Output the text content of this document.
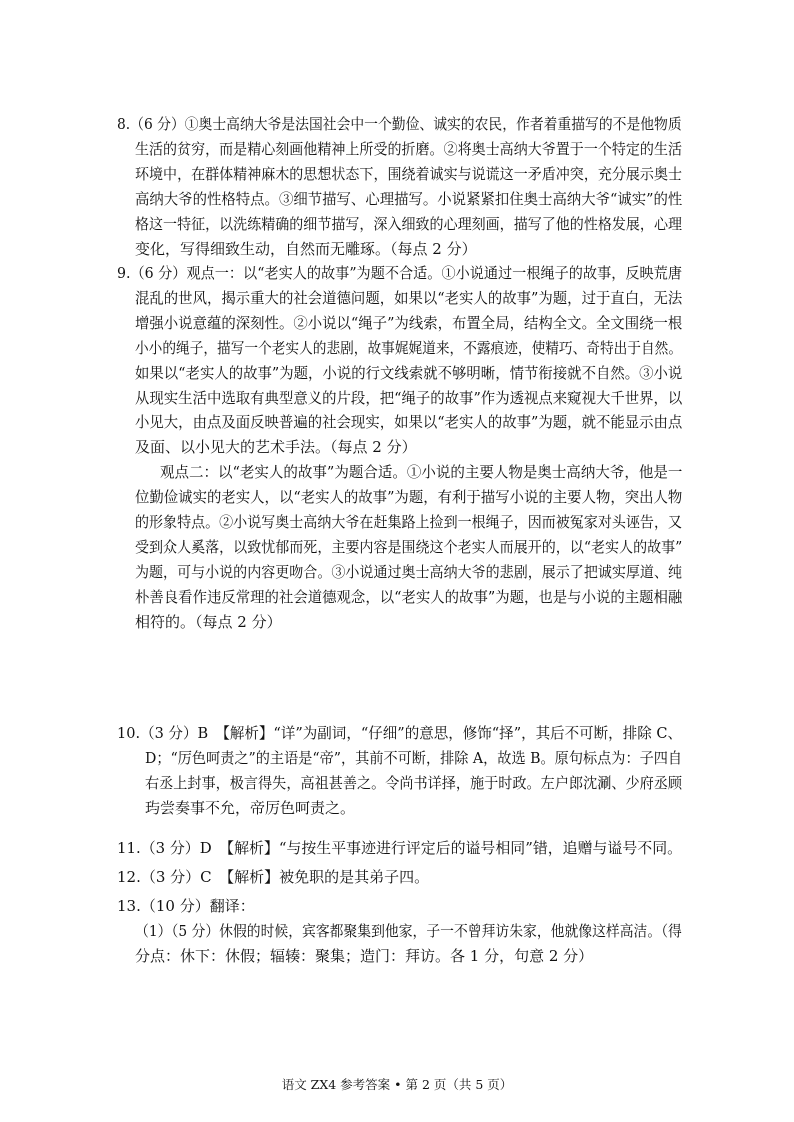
8.（6 分）①奥士高纳大爷是法国社会中一个勤俭、诚实的农民，作者着重描写的不是他物质
生活的贫穷，而是精心刻画他精神上所受的折磨。②将奥士高纳大爷置于一个特定的生活
环境中，在群体精神麻木的思想状态下，围绕着诚实与说谎这一矛盾冲突，充分展示奥士
高纳大爷的性格特点。③细节描写、心理描写。小说紧紧扣住奥士高纳大爷“诚实”的性
格这一特征，以洗练精确的细节描写，深入细致的心理刻画，描写了他的性格发展，心理
变化，写得细致生动，自然而无雕琢。（每点 2 分）
9.（6 分）观点一：以“老实人的故事”为题不合适。①小说通过一根绳子的故事，反映荒唐
混乱的世风，揭示重大的社会道德问题，如果以“老实人的故事”为题，过于直白，无法
增强小说意蕴的深刻性。②小说以“绳子”为线索，布置全局，结构全文。全文围绕一根
小小的绳子，描写一个老实人的悲剧，故事娓娓道来，不露痕迹，使精巧、奇特出于自然。
如果以“老实人的故事”为题，小说的行文线索就不够明晰，情节衔接就不自然。③小说
从现实生活中选取有典型意义的片段，把“绳子的故事”作为透视点来窥视大千世界，以
小见大，由点及面反映普遍的社会现实，如果以“老实人的故事”为题，就不能显示由点
及面、以小见大的艺术手法。（每点 2 分）
观点二：以“老实人的故事”为题合适。①小说的主要人物是奥士高纳大爷，他是一
位勤俭诚实的老实人，以“老实人的故事”为题，有利于描写小说的主要人物，突出人物
的形象特点。②小说写奥士高纳大爷在赶集路上捡到一根绳子，因而被冤家对头诬告，又
受到众人奚落，以致忧郁而死，主要内容是围绕这个老实人而展开的，以“老实人的故事”
为题，可与小说的内容更吻合。③小说通过奥士高纳大爷的悲剧，展示了把诚实厚道、纯
朴善良看作违反常理的社会道德观念，以“老实人的故事”为题，也是与小说的主题相融
相符的。（每点 2 分）
10.（3 分）B　【解析】“详”为副词，“仔细”的意思，修饰“择”，其后不可断，排除 C、
D；“厉色呵责之”的主语是“帝”，其前不可断，排除 A，故选 B。原句标点为：子四自
右丞上封事，极言得失，高祖甚善之。令尚书详择，施于时政。左户郎沈涮、少府丞顾
玙尝奏事不允，帝厉色呵责之。
11.（3 分）D　【解析】“与按生平事迹进行评定后的谥号相同”错，追赠与谥号不同。
12.（3 分）C　【解析】被免职的是其弟子四。
13.（10 分）翻译：
（1）（5 分）休假的时候，宾客都聚集到他家，子一不曾拜访朱家，他就像这样高洁。（得
分点：休下：休假；辐辏：聚集；造门：拜访。各 1 分，句意 2 分）
语文 ZX4 参考答案 • 第 2 页（共 5 页）
